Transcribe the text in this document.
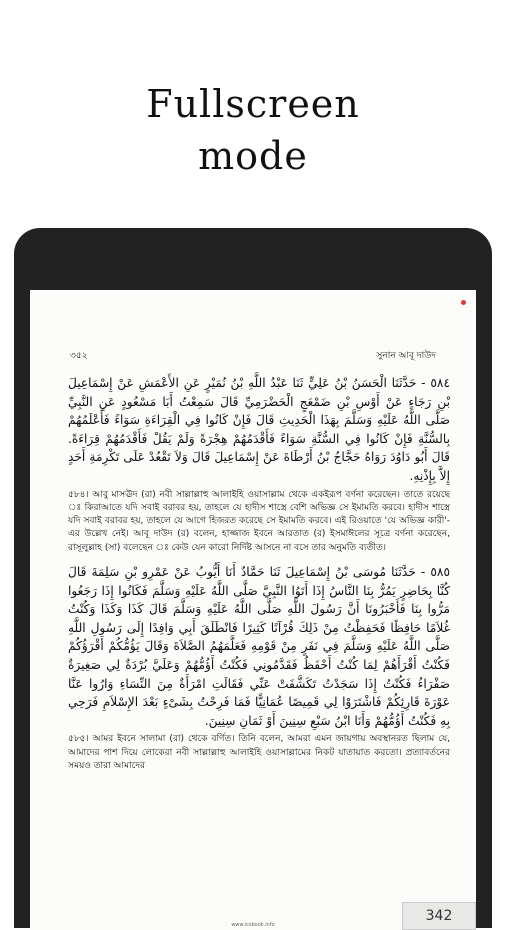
Fullscreen
mode
৩৫২	সুনান আবূ দাউদ

٥٨٤ - حَدَّثَنَا الْحَسَنُ بْنُ عَلِيٍّ ثَنَا عَبْدُ اللَّهِ بْنُ نُمَيْرٍ عَنِ الأَعْمَشِ عَنْ إِسْمَاعِيلَ بْنِ رَجَاءٍ عَنْ أَوْسِ بْنِ ضَمْعَجٍ الْحَضْرَمِيِّ قَالَ سَمِعْتُ أَبَا مَسْعُودٍ عَنِ النَّبِيِّ صَلَّى اللَّهُ عَلَيْهِ وَسَلَّمَ بِهَذَا الْحَدِيثِ قَالَ فَإِنْ كَانُوا فِي الْقِرَاءَةِ سَوَاءً فَأَعْلَمُهُمْ بِالسُّنَّةِ فَإِنْ كَانُوا فِي السُّنَّةِ سَوَاءً فَأَقْدَمُهُمْ هِجْرَةً وَلَمْ يَقُلْ فَأَقْدَمُهُمْ قِرَاءَةً. قَالَ أَبُو دَاوُدَ رَوَاهُ حَجَّاجُ بْنُ أَرْطَاةَ عَنْ إِسْمَاعِيلَ قَالَ وَلاَ تَقْعُدْ عَلَى تَكْرِمَةِ أَحَدٍ إِلاَّ بِإِذْنِهِ.

৫৮৪। আবু মাসঊদ (রা) নবী সাল্লাল্লাহু আলাইহি ওয়াসাল্লাম থেকে একইরূপ বর্ণনা করেছেন। তাতে রয়েছে ঃ কিরাআতে যদি সবাই বরাবর হয়, তাহলে যে হাদীস শাস্ত্রে বেশি অভিজ্ঞ সে ইমামতি করবে। হাদীস শাস্ত্রে যদি সবাই বরাবর হয়, তাহলে যে আগে হিজরত করেছে সে ইমামতি করবে। এই রিওয়াতে 'যে অভিজ্ঞ কারী'-এর উল্লেখ নেই। আবূ দাউদ (র) বলেন, হাজ্জাজ ইবনে আরতাত (র) ইসমাঈলের সূত্রে বর্ণনা করেছেন, রাসূলুল্লাহ (সা) বলেছেন ঃ কেউ যেন কারো নির্দিষ্ট আসনে না বসে তার অনুমতি ব্যতীত।

٥٨٥ - حَدَّثَنَا مُوسَى بْنُ إِسْمَاعِيلَ ثَنَا حَمَّادٌ أَنَا أَيُّوبُ عَنْ عَمْرِو بْنِ سَلِمَةَ قَالَ كُنَّا بِحَاضِرٍ يَمُرُّ بِنَا النَّاسُ إِذَا أَتَوُا النَّبِيَّ صَلَّى اللَّهُ عَلَيْهِ وَسَلَّمَ فَكَانُوا إِذَا رَجَعُوا مَرُّوا بِنَا فَأَخْبَرُونَا أَنَّ رَسُولَ اللَّهِ صَلَّى اللَّهُ عَلَيْهِ وَسَلَّمَ قَالَ كَذَا وَكَذَا وَكُنْتُ غُلاَمًا حَافِظًا فَحَفِظْتُ مِنْ ذَلِكَ قُرْآنًا كَثِيرًا فَانْطَلَقَ أَبِي وَافِدًا إِلَى رَسُولِ اللَّهِ صَلَّى اللَّهُ عَلَيْهِ وَسَلَّمَ فِي نَفَرٍ مِنْ قَوْمِهِ فَعَلَّمَهُمُ الصَّلاَةَ وَقَالَ يَؤُمُّكُمْ أَقْرَؤُكُمْ فَكُنْتُ أَقْرَأَهُمْ لِمَا كُنْتُ أَحْفَظُ فَقَدَّمُونِي فَكُنْتُ أَؤُمُّهُمْ وَعَلَيَّ بُرْدَةٌ لِي صَغِيرَةٌ صَفْرَاءُ فَكُنْتُ إِذَا سَجَدْتُ تَكَشَّفَتْ عَنِّي فَقَالَتِ امْرَأَةٌ مِنَ النِّسَاءِ وَارُوا عَنَّا عَوْرَةَ قَارِئِكُمْ فَاشْتَرَوْا لِي قَمِيصًا عُمَانِيًّا فَمَا فَرِحْتُ بِشَىْءٍ بَعْدَ الإِسْلاَمِ فَرَحِي بِهِ فَكُنْتُ أَؤُمُّهُمْ وَأَنَا ابْنُ سَبْعِ سِنِينَ أَوْ ثَمَانِ سِنِينَ.

৫৮৫। আমর ইবনে সালামা (রা) থেকে বর্ণিত। তিনি বলেন, আমরা এমন জায়গায় অবস্থানরত ছিলাম যে, আমাদের পাশ দিয়ে লোকেরা নবী সাল্লাল্লাহু আলাইহি ওয়াসাল্লামের নিকট যাতায়াত করতো। প্রত্যাবর্তনের সময়ও তারা আমাদের

www.icsbook.info
342
